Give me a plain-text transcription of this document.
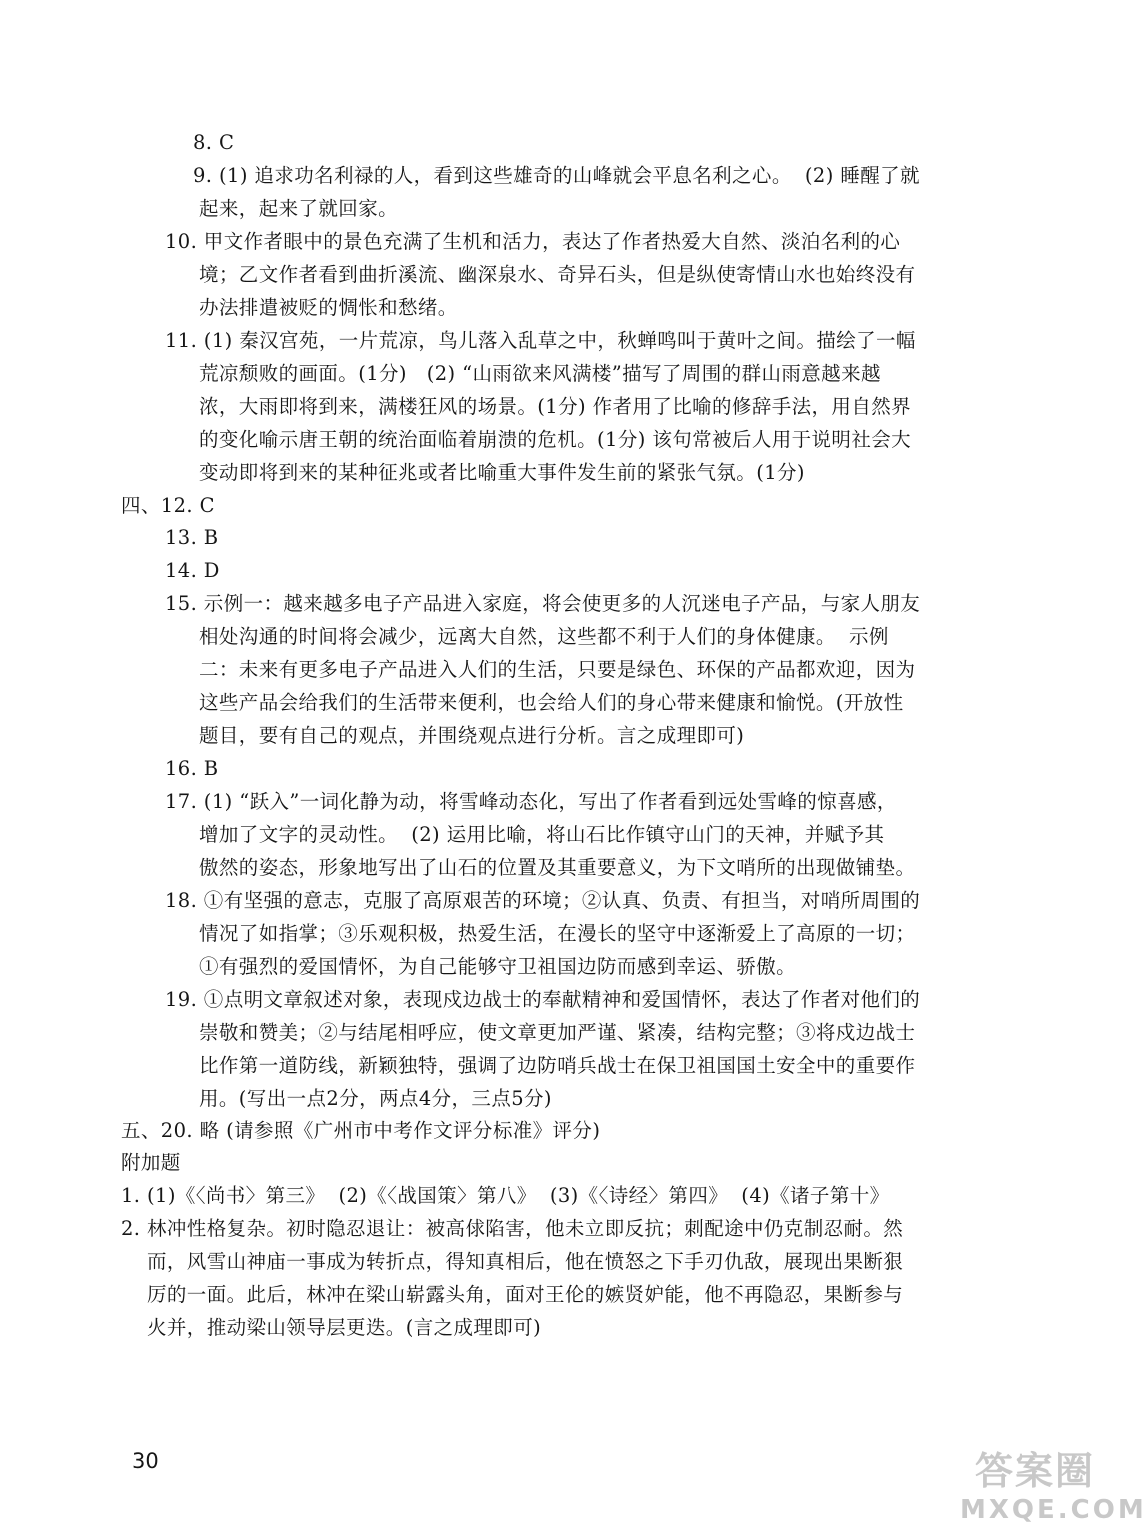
8. C
9. (1) 追求功名利禄的人，看到这些雄奇的山峰就会平息名利之心。  (2) 睡醒了就
起来，起来了就回家。
10. 甲文作者眼中的景色充满了生机和活力，表达了作者热爱大自然、淡泊名利的心
境；乙文作者看到曲折溪流、幽深泉水、奇异石头，但是纵使寄情山水也始终没有
办法排遣被贬的惆怅和愁绪。
11. (1) 秦汉宫苑，一片荒凉，鸟儿落入乱草之中，秋蝉鸣叫于黄叶之间。描绘了一幅
荒凉颓败的画面。(1分)   (2) “山雨欲来风满楼”描写了周围的群山雨意越来越
浓，大雨即将到来，满楼狂风的场景。(1分) 作者用了比喻的修辞手法，用自然界
的变化喻示唐王朝的统治面临着崩溃的危机。(1分) 该句常被后人用于说明社会大
变动即将到来的某种征兆或者比喻重大事件发生前的紧张气氛。(1分)
四、12. C
13. B
14. D
15. 示例一：越来越多电子产品进入家庭，将会使更多的人沉迷电子产品，与家人朋友
相处沟通的时间将会减少，远离大自然，这些都不利于人们的身体健康。  示例
二：未来有更多电子产品进入人们的生活，只要是绿色、环保的产品都欢迎，因为
这些产品会给我们的生活带来便利，也会给人们的身心带来健康和愉悦。(开放性
题目，要有自己的观点，并围绕观点进行分析。言之成理即可)
16. B
17. (1) “跃入”一词化静为动，将雪峰动态化，写出了作者看到远处雪峰的惊喜感，
增加了文字的灵动性。  (2) 运用比喻，将山石比作镇守山门的天神，并赋予其
傲然的姿态，形象地写出了山石的位置及其重要意义，为下文哨所的出现做铺垫。
18. ①有坚强的意志，克服了高原艰苦的环境；②认真、负责、有担当，对哨所周围的
情况了如指掌；③乐观积极，热爱生活，在漫长的坚守中逐渐爱上了高原的一切；
①有强烈的爱国情怀，为自己能够守卫祖国边防而感到幸运、骄傲。
19. ①点明文章叙述对象，表现戍边战士的奉献精神和爱国情怀，表达了作者对他们的
崇敬和赞美；②与结尾相呼应，使文章更加严谨、紧凑，结构完整；③将戍边战士
比作第一道防线，新颖独特，强调了边防哨兵战士在保卫祖国国土安全中的重要作
用。(写出一点2分，两点4分，三点5分)
五、20. 略 (请参照《广州市中考作文评分标准》评分)
附加题
1. (1)《〈尚书〉第三》  (2)《〈战国策〉第八》  (3)《〈诗经〉第四》  (4)《诸子第十》
2. 林冲性格复杂。初时隐忍退让：被高俅陷害，他未立即反抗；刺配途中仍克制忍耐。然
而，风雪山神庙一事成为转折点，得知真相后，他在愤怒之下手刃仇敌，展现出果断狠
厉的一面。此后，林冲在梁山崭露头角，面对王伦的嫉贤妒能，他不再隐忍，果断参与
火并，推动梁山领导层更迭。(言之成理即可)
30	答案圈
MXQE.COM
